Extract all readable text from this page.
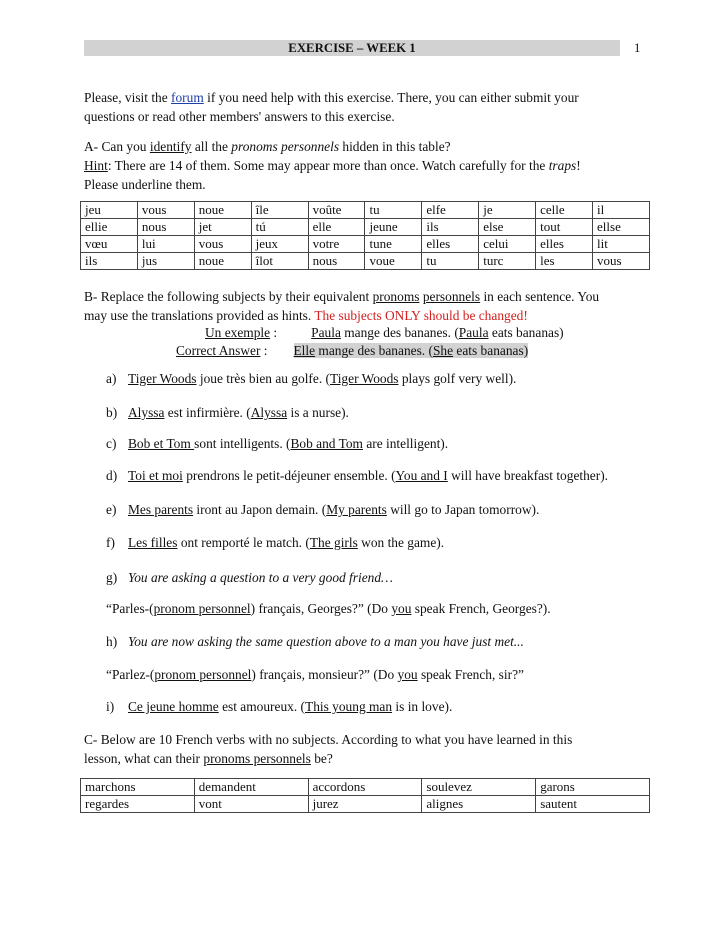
EXERCISE – WEEK 1	1
Please, visit the forum if you need help with this exercise. There, you can either submit your
questions or read other members' answers to this exercise.
A- Can you identify all the pronoms personnels hidden in this table?
Hint: There are 14 of them. Some may appear more than once. Watch carefully for the traps!
Please underline them.
jeu	vous	noue	île	voûte	tu	elfe	je	celle	il
ellie	nous	jet	tú	elle	jeune	ils	else	tout	ellse
vœu	lui	vous	jeux	votre	tune	elles	celui	elles	lit
ils	jus	noue	îlot	nous	voue	tu	turc	les	vous
B- Replace the following subjects by their equivalent pronoms personnels in each sentence. You
may use the translations provided as hints. The subjects ONLY should be changed!
Un exemple :	Paula mange des bananes. (Paula eats bananas)
Correct Answer : Elle mange des bananes. (She eats bananas)
a) Tiger Woods joue très bien au golfe. (Tiger Woods plays golf very well).
b) Alyssa est infirmière. (Alyssa is a nurse).
c) Bob et Tom sont intelligents. (Bob and Tom are intelligent).
d) Toi et moi prendrons le petit-déjeuner ensemble. (You and I will have breakfast together).
e) Mes parents iront au Japon demain. (My parents will go to Japan tomorrow).
f) Les filles ont remporté le match. (The girls won the game).
g) You are asking a question to a very good friend…
“Parles-(pronom personnel) français, Georges?” (Do you speak French, Georges?).
h) You are now asking the same question above to a man you have just met...
“Parlez-(pronom personnel) français, monsieur?” (Do you speak French, sir?”
i) Ce jeune homme est amoureux. (This young man is in love).
C- Below are 10 French verbs with no subjects. According to what you have learned in this
lesson, what can their pronoms personnels be?
marchons	demandent	accordons	soulevez	garons
regardes	vont	jurez	alignes	sautent
